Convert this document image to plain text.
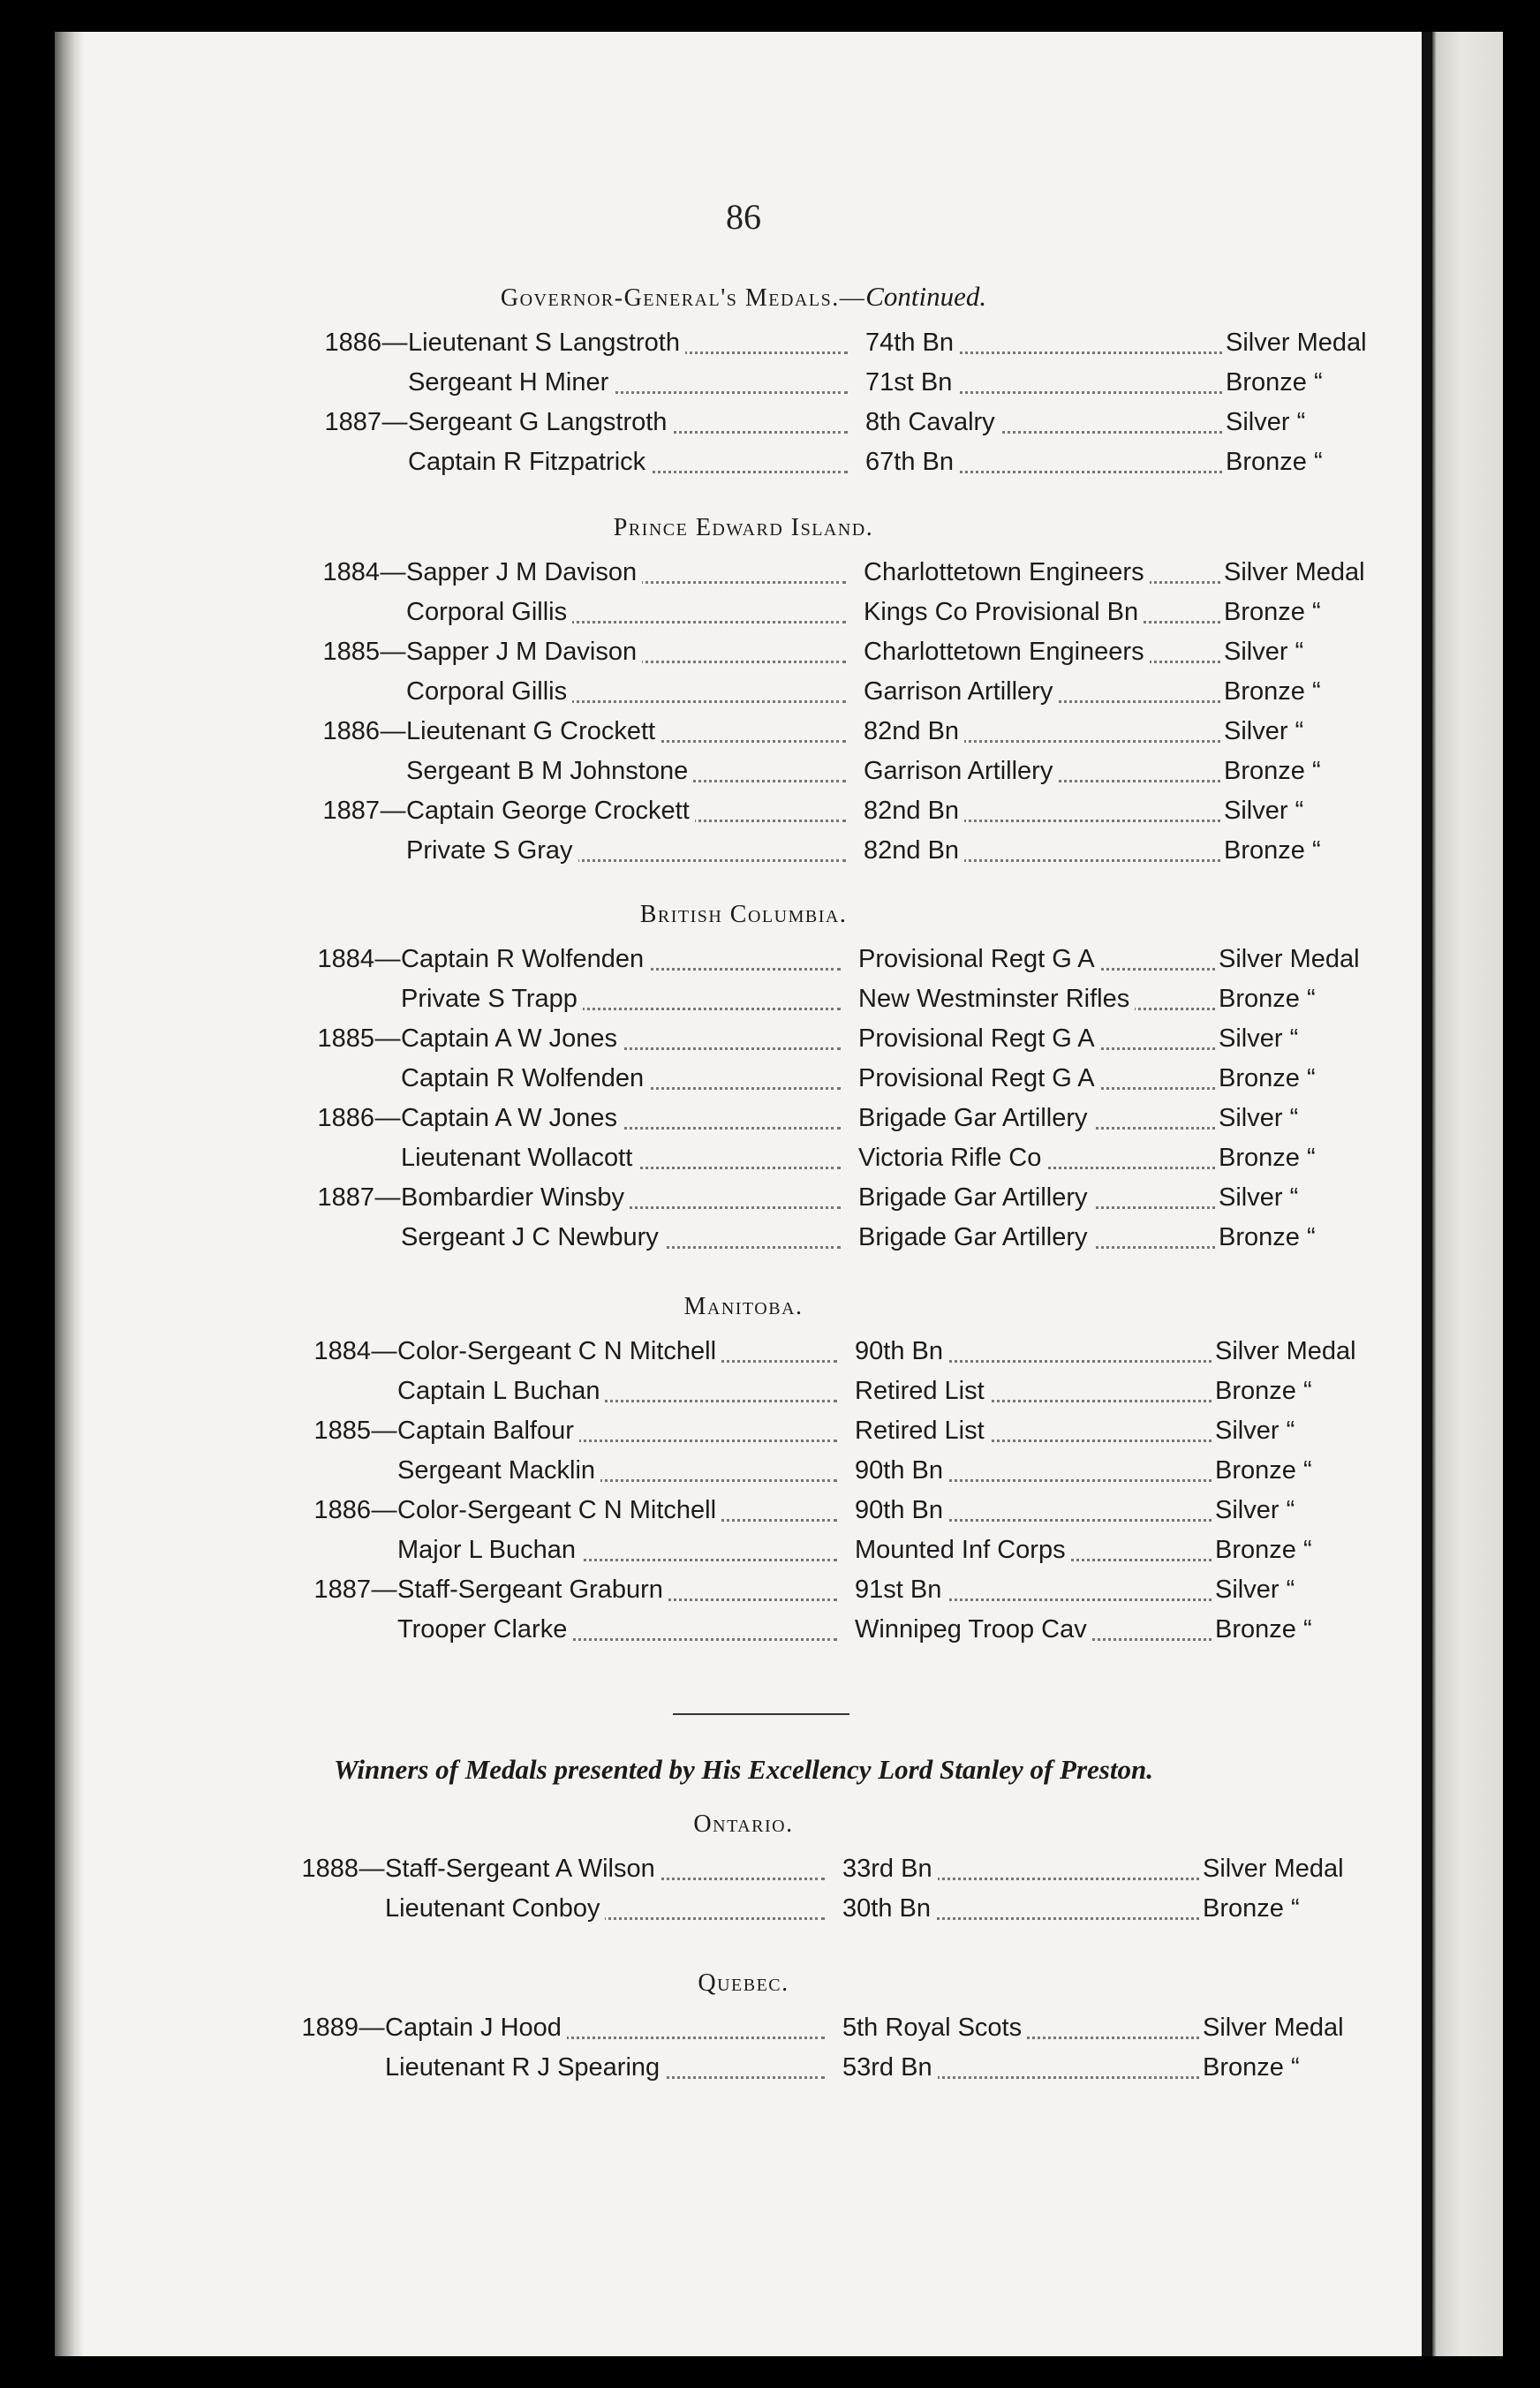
86
Governor-General's Medals.—Continued.
1886 — Lieutenant S Langstroth	74th Bn	Silver Medal
Sergeant H Miner	71st Bn	Bronze “
1887 — Sergeant G Langstroth	8th Cavalry	Silver “
Captain R Fitzpatrick	67th Bn	Bronze “
Prince Edward Island.
1884 — Sapper J M Davison	Charlottetown Engineers	Silver Medal
Corporal Gillis	Kings Co Provisional Bn	Bronze “
1885 — Sapper J M Davison	Charlottetown Engineers	Silver “
Corporal Gillis	Garrison Artillery	Bronze “
1886 — Lieutenant G Crockett	82nd Bn	Silver “
Sergeant B M Johnstone	Garrison Artillery	Bronze “
1887 — Captain George Crockett	82nd Bn	Silver “
Private S Gray	82nd Bn	Bronze “
British Columbia.
1884 — Captain R Wolfenden	Provisional Regt G A	Silver Medal
Private S Trapp	New Westminster Rifles	Bronze “
1885 — Captain A W Jones	Provisional Regt G A	Silver “
Captain R Wolfenden	Provisional Regt G A	Bronze “
1886 — Captain A W Jones	Brigade Gar Artillery	Silver “
Lieutenant Wollacott	Victoria Rifle Co	Bronze “
1887 — Bombardier Winsby	Brigade Gar Artillery	Silver “
Sergeant J C Newbury	Brigade Gar Artillery	Bronze “
Manitoba.
1884 — Color-Sergeant C N Mitchell	90th Bn	Silver Medal
Captain L Buchan	Retired List	Bronze “
1885 — Captain Balfour	Retired List	Silver “
Sergeant Macklin	90th Bn	Bronze “
1886 — Color-Sergeant C N Mitchell	90th Bn	Silver “
Major L Buchan	Mounted Inf Corps	Bronze “
1887 — Staff-Sergeant Graburn	91st Bn	Silver “
Trooper Clarke	Winnipeg Troop Cav	Bronze “
Winners of Medals presented by His Excellency Lord Stanley of Preston.
Ontario.
1888 — Staff-Sergeant A Wilson	33rd Bn	Silver Medal
Lieutenant Conboy	30th Bn	Bronze “
Quebec.
1889 — Captain J Hood	5th Royal Scots	Silver Medal
Lieutenant R J Spearing	53rd Bn	Bronze “
